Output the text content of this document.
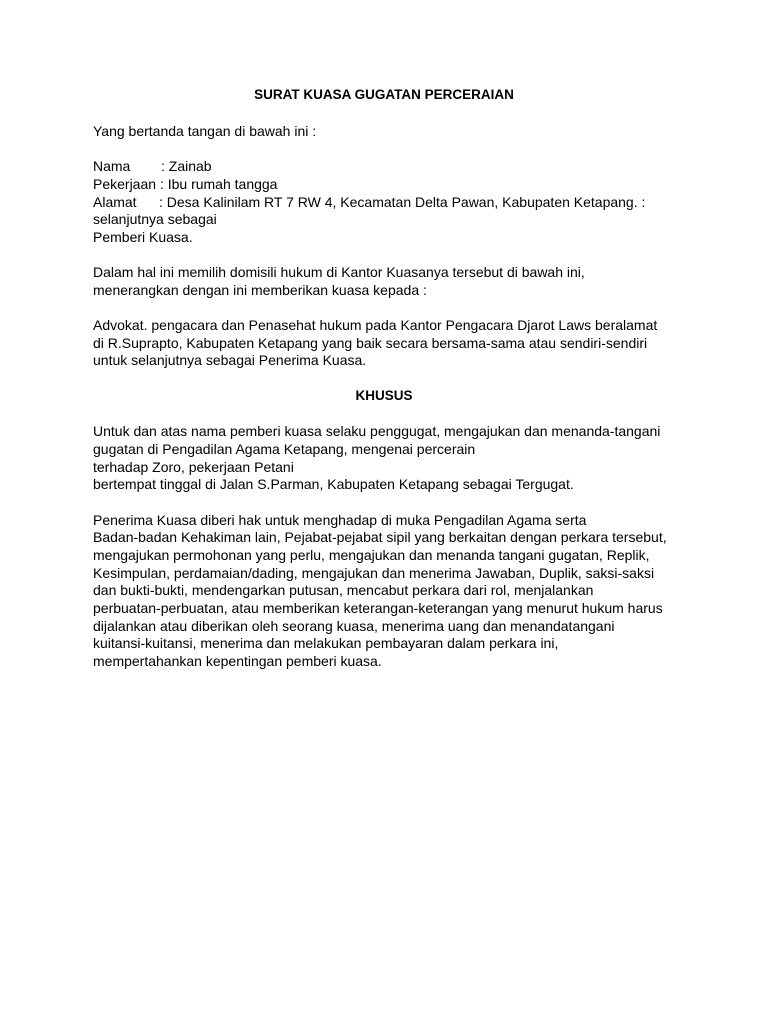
SURAT KUASA GUGATAN PERCERAIAN
Yang bertanda tangan di bawah ini :
Nama : Zainab
Pekerjaan : Ibu rumah tangga
Alamat : Desa Kalinilam RT 7 RW 4, Kecamatan Delta Pawan, Kabupaten Ketapang. :
selanjutnya sebagai
Pemberi Kuasa.
Dalam hal ini memilih domisili hukum di Kantor Kuasanya tersebut di bawah ini,
menerangkan dengan ini memberikan kuasa kepada :
Advokat. pengacara dan Penasehat hukum pada Kantor Pengacara Djarot Laws beralamat
di R.Suprapto, Kabupaten Ketapang yang baik secara bersama-sama atau sendiri-sendiri
untuk selanjutnya sebagai Penerima Kuasa.
KHUSUS
Untuk dan atas nama pemberi kuasa selaku penggugat, mengajukan dan menanda-tangani
gugatan di Pengadilan Agama Ketapang, mengenai percerain
terhadap Zoro, pekerjaan Petani
bertempat tinggal di Jalan S.Parman, Kabupaten Ketapang sebagai Tergugat.
Penerima Kuasa diberi hak untuk menghadap di muka Pengadilan Agama serta
Badan-badan Kehakiman lain, Pejabat-pejabat sipil yang berkaitan dengan perkara tersebut,
mengajukan permohonan yang perlu, mengajukan dan menanda tangani gugatan, Replik,
Kesimpulan, perdamaian/dading, mengajukan dan menerima Jawaban, Duplik, saksi-saksi
dan bukti-bukti, mendengarkan putusan, mencabut perkara dari rol, menjalankan
perbuatan-perbuatan, atau memberikan keterangan-keterangan yang menurut hukum harus
dijalankan atau diberikan oleh seorang kuasa, menerima uang dan menandatangani
kuitansi-kuitansi, menerima dan melakukan pembayaran dalam perkara ini,
mempertahankan kepentingan pemberi kuasa.
